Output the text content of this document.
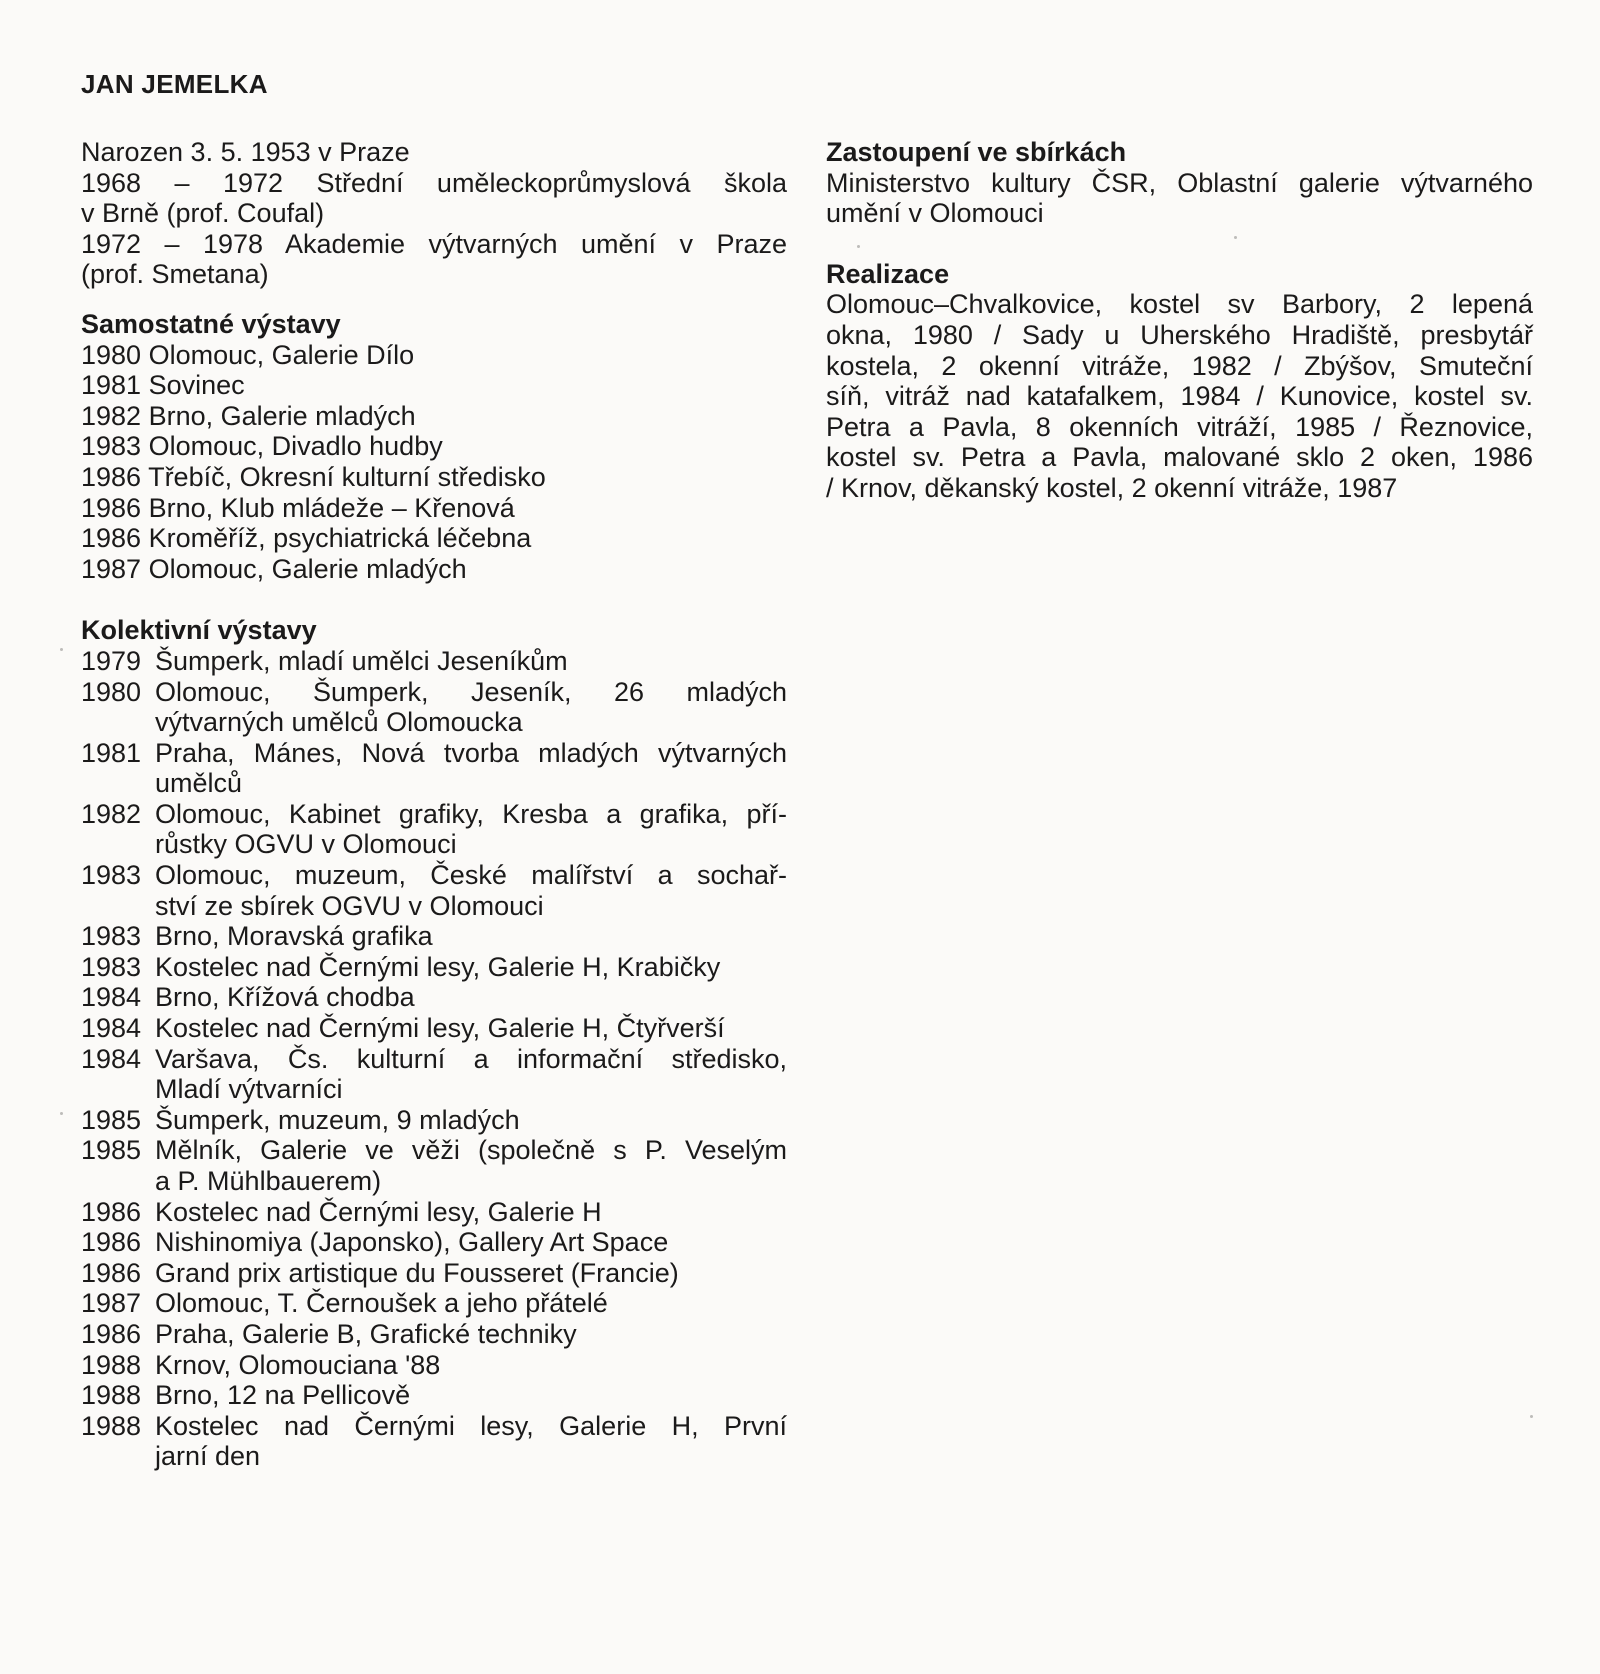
JAN JEMELKA
Narozen 3. 5. 1953 v Praze
1968 – 1972 Střední uměleckoprůmyslová škola
v Brně (prof. Coufal)
1972 – 1978 Akademie výtvarných umění v Praze
(prof. Smetana)
Samostatné výstavy
1980 Olomouc, Galerie Dílo
1981 Sovinec
1982 Brno, Galerie mladých
1983 Olomouc, Divadlo hudby
1986 Třebíč, Okresní kulturní středisko
1986 Brno, Klub mládeže – Křenová
1986 Kroměříž, psychiatrická léčebna
1987 Olomouc, Galerie mladých
Kolektivní výstavy
1979 Šumperk, mladí umělci Jeseníkům
1980 Olomouc, Šumperk, Jeseník, 26 mladých
výtvarných umělců Olomoucka
1981 Praha, Mánes, Nová tvorba mladých výtvarných
umělců
1982 Olomouc, Kabinet grafiky, Kresba a grafika, pří-
růstky OGVU v Olomouci
1983 Olomouc, muzeum, České malířství a sochař-
ství ze sbírek OGVU v Olomouci
1983 Brno, Moravská grafika
1983 Kostelec nad Černými lesy, Galerie H, Krabičky
1984 Brno, Křížová chodba
1984 Kostelec nad Černými lesy, Galerie H, Čtyřverší
1984 Varšava, Čs. kulturní a informační středisko,
Mladí výtvarníci
1985 Šumperk, muzeum, 9 mladých
1985 Mělník, Galerie ve věži (společně s P. Veselým
a P. Mühlbauerem)
1986 Kostelec nad Černými lesy, Galerie H
1986 Nishinomiya (Japonsko), Gallery Art Space
1986 Grand prix artistique du Fousseret (Francie)
1987 Olomouc, T. Černoušek a jeho přátelé
1986 Praha, Galerie B, Grafické techniky
1988 Krnov, Olomouciana '88
1988 Brno, 12 na Pellicově
1988 Kostelec nad Černými lesy, Galerie H, První
jarní den
Zastoupení ve sbírkách
Ministerstvo kultury ČSR, Oblastní galerie výtvarného
umění v Olomouci
Realizace
Olomouc–Chvalkovice, kostel sv Barbory, 2 lepená
okna, 1980 / Sady u Uherského Hradiště, presbytář
kostela, 2 okenní vitráže, 1982 / Zbýšov, Smuteční
síň, vitráž nad katafalkem, 1984 / Kunovice, kostel sv.
Petra a Pavla, 8 okenních vitráží, 1985 / Řeznovice,
kostel sv. Petra a Pavla, malované sklo 2 oken, 1986
/ Krnov, děkanský kostel, 2 okenní vitráže, 1987
